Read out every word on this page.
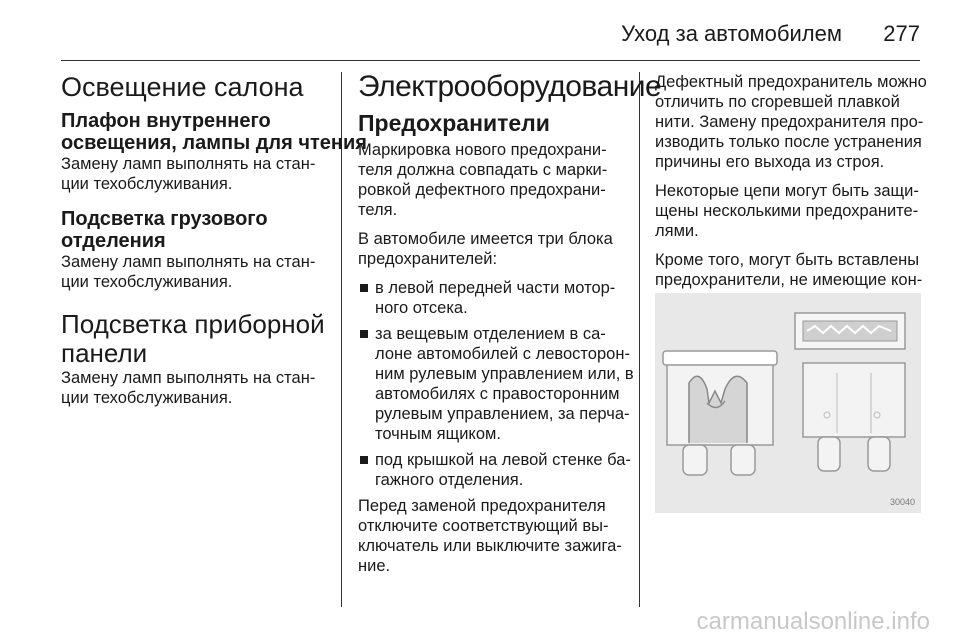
Уход за автомобилем 277
Освещение салона
Плафон внутреннего
освещения, лампы для чтения

Замену ламп выполнять на стан-
ции техобслуживания.

Подсветка грузового
отделения

Замену ламп выполнять на стан-
ции техобслуживания.

Подсветка приборной
панели

Замену ламп выполнять на стан-
ции техобслуживания.

Электрооборудование
Предохранители

Маркировка нового предохрани-
теля должна совпадать с марки-
ровкой дефектного предохрани-
теля.

В автомобиле имеется три блока
предохранителей:

в левой передней части мотор-
ного отсека.
за вещевым отделением в са-
лоне автомобилей с левосторон-
ним рулевым управлением или, в
автомобилях с правосторонним
рулевым управлением, за перча-
точным ящиком.
под крышкой на левой стенке ба-
гажного отделения.

Перед заменой предохранителя
отключите соответствующий вы-
ключатель или выключите зажига-
ние.

Дефектный предохранитель можно
отличить по сгоревшей плавкой
нити. Замену предохранителя про-
изводить только после устранения
причины его выхода из строя.

Некоторые цепи могут быть защи-
щены несколькими предохраните-
лями.

Кроме того, могут быть вставлены
предохранители, не имеющие кон-

30040
carmanualsonline.info
